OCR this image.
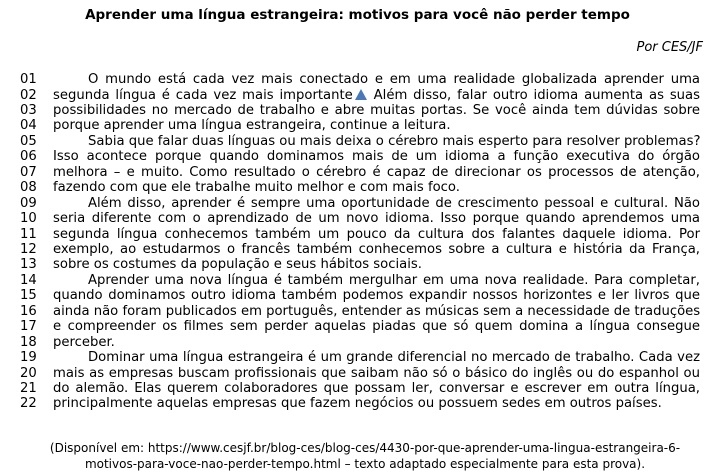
Aprender uma língua estrangeira: motivos para você não perder tempo
Por CES/JF
01	O mundo está cada vez mais conectado e em uma realidade globalizada aprender uma
02	segunda língua é cada vez mais importante Além disso, falar outro idioma aumenta as suas
03	possibilidades no mercado de trabalho e abre muitas portas. Se você ainda tem dúvidas sobre
04	porque aprender uma língua estrangeira, continue a leitura.
05	Sabia que falar duas línguas ou mais deixa o cérebro mais esperto para resolver problemas?
06	Isso acontece porque quando dominamos mais de um idioma a função executiva do órgão
07	melhora – e muito. Como resultado o cérebro é capaz de direcionar os processos de atenção,
08	fazendo com que ele trabalhe muito melhor e com mais foco.
09	Além disso, aprender é sempre uma oportunidade de crescimento pessoal e cultural. Não
10	seria diferente com o aprendizado de um novo idioma. Isso porque quando aprendemos uma
11	segunda língua conhecemos também um pouco da cultura dos falantes daquele idioma. Por
12	exemplo, ao estudarmos o francês também conhecemos sobre a cultura e história da França,
13	sobre os costumes da população e seus hábitos sociais.
14	Aprender uma nova língua é também mergulhar em uma nova realidade. Para completar,
15	quando dominamos outro idioma também podemos expandir nossos horizontes e ler livros que
16	ainda não foram publicados em português, entender as músicas sem a necessidade de traduções
17	e compreender os filmes sem perder aquelas piadas que só quem domina a língua consegue
18	perceber.
19	Dominar uma língua estrangeira é um grande diferencial no mercado de trabalho. Cada vez
20	mais as empresas buscam profissionais que saibam não só o básico do inglês ou do espanhol ou
21	do alemão. Elas querem colaboradores que possam ler, conversar e escrever em outra língua,
22	principalmente aquelas empresas que fazem negócios ou possuem sedes em outros países.
(Disponível em: https://www.cesjf.br/blog-ces/blog-ces/4430-por-que-aprender-uma-lingua-estrangeira-6-
motivos-para-voce-nao-perder-tempo.html – texto adaptado especialmente para esta prova).
